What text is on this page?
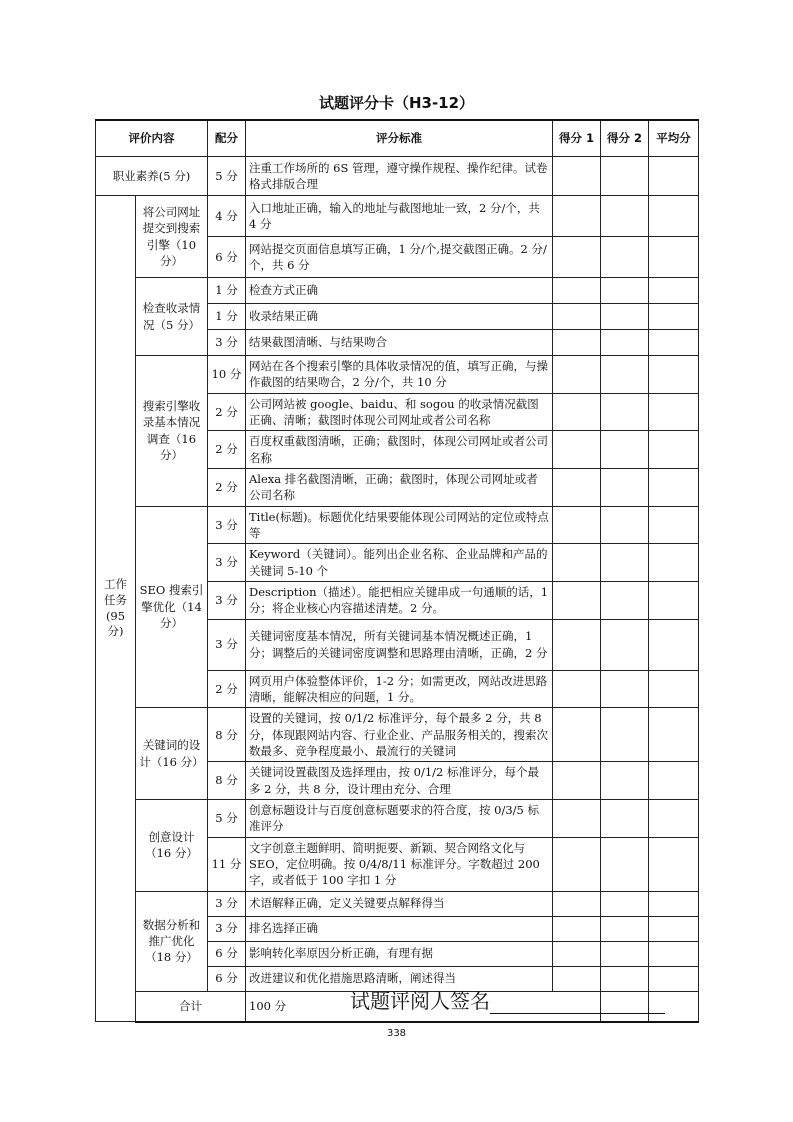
试题评分卡（H3-12）
评价内容		配分	评分标准	得分 1	得分 2	平均分	
职业素养(5 分)		5 分	注重工作场所的 6S 管理，遵守操作规程、操作纪律。试卷格式排版合理				
工作任务(95 分)	将公司网址提交到搜索引擎（10 分）	4 分	入口地址正确，输入的地址与截图地址一致，2 分/个，共 4 分				
		6 分	网站提交页面信息填写正确，1 分/个,提交截图正确。2 分/个，共 6 分				
	检查收录情况（5 分）	1 分	检查方式正确				
		1 分	收录结果正确				
		3 分	结果截图清晰、与结果吻合				
	搜索引擎收录基本情况调查（16 分）	10 分	网站在各个搜索引擎的具体收录情况的值，填写正确，与操作截图的结果吻合，2 分/个，共 10 分				
		2 分	公司网站被 google、baidu、和 sogou 的收录情况截图正确、清晰；截图时体现公司网址或者公司名称				
		2 分	百度权重截图清晰，正确；截图时，体现公司网址或者公司名称				
		2 分	Alexa 排名截图清晰，正确；截图时，体现公司网址或者公司名称				
	SEO 搜索引擎优化（14 分）	3 分	Title(标题)。标题优化结果要能体现公司网站的定位或特点等				
		3 分	Keyword（关键词）。能列出企业名称、企业品牌和产品的关键词 5-10 个				
		3 分	Description（描述）。能把相应关键串成一句通顺的话，1 分；将企业核心内容描述清楚。2 分。				
		3 分	关键词密度基本情况，所有关键词基本情况概述正确，1 分；调整后的关键词密度调整和思路理由清晰，正确，2 分				
		2 分	网页用户体验整体评价，1-2 分；如需更改，网站改进思路清晰，能解决相应的问题，1 分。				
	关键词的设计（16 分）	8 分	设置的关键词，按 0/1/2 标准评分，每个最多 2 分，共 8 分，体现跟网站内容、行业企业、产品服务相关的，搜索次数最多、竞争程度最小、最流行的关键词				
		8 分	关键词设置截图及选择理由，按 0/1/2 标准评分，每个最多 2 分，共 8 分，设计理由充分、合理				
	创意设计（16 分）	5 分	创意标题设计与百度创意标题要求的符合度，按 0/3/5 标准评分				
		11 分	文字创意主题鲜明、简明扼要、新颖、契合网络文化与 SEO，定位明确。按 0/4/8/11 标准评分。字数超过 200 字，或者低于 100 字扣 1 分				
	数据分析和推广优化（18 分）	3 分	术语解释正确，定义关键要点解释得当				
		3 分	排名选择正确				
		6 分	影响转化率原因分析正确，有理有据				
		6 分	改进建议和优化措施思路清晰，阐述得当				
	合计		100 分					试题评阅人签名
338
